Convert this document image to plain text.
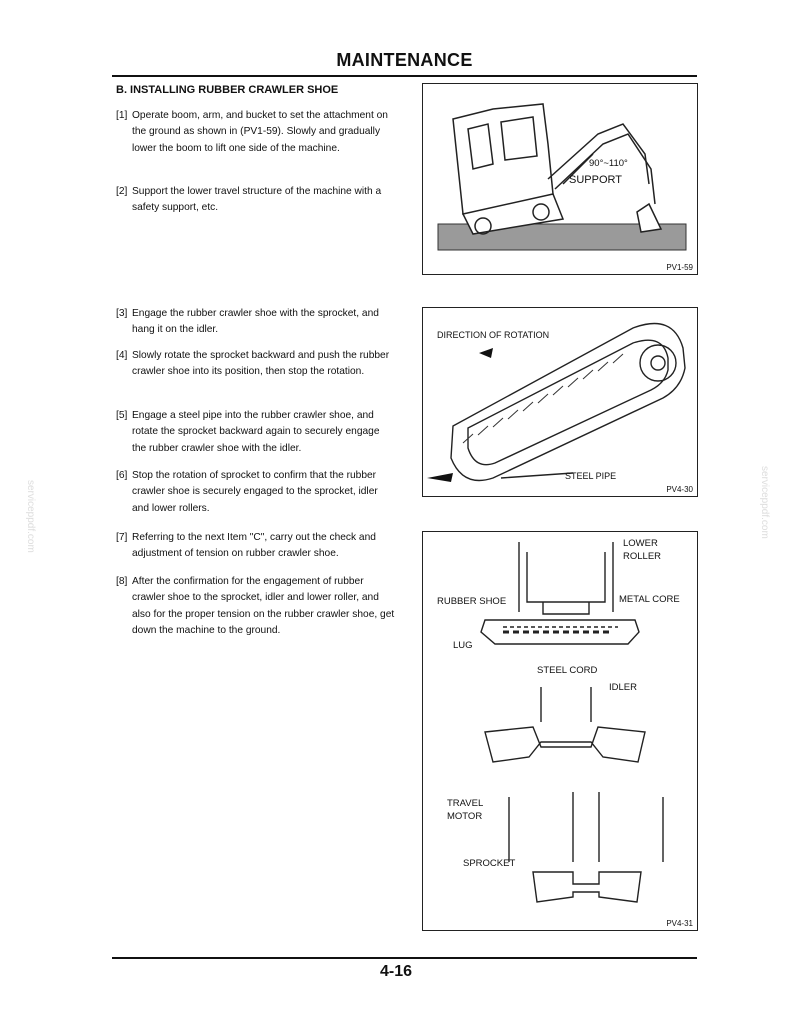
MAINTENANCE
B. INSTALLING RUBBER CRAWLER SHOE
[1] Operate boom, arm, and bucket to set the attachment on the ground as shown in (PV1-59). Slowly and gradually lower the boom to lift one side of the machine.
[2] Support the lower travel structure of the machine with a safety support, etc.
[3] Engage the rubber crawler shoe with the sprocket, and hang it on the idler.
[4] Slowly rotate the sprocket backward and push the rubber crawler shoe into its position, then stop the rotation.
[5] Engage a steel pipe into the rubber crawler shoe, and rotate the sprocket backward again to securely engage the rubber crawler shoe with the idler.
[6] Stop the rotation of sprocket to confirm that the rubber crawler shoe is securely engaged to the sprocket, idler and lower rollers.
[7] Referring to the next Item "C", carry out the check and adjustment of tension on rubber crawler shoe.
[8] After the confirmation for the engagement of rubber crawler shoe to the sprocket, idler and lower roller, and also for the proper tension on the rubber crawler shoe, get down the machine to the ground.
90°~110°
SUPPORT
PV1-59
DIRECTION OF ROTATION
STEEL PIPE
PV4-30
LOWER
ROLLER
RUBBER SHOE	METAL CORE
LUG
STEEL CORD
IDLER
TRAVEL
MOTOR
SPROCKET
PV4-31
serviceppdf.com	serviceppdf.com
4-16
